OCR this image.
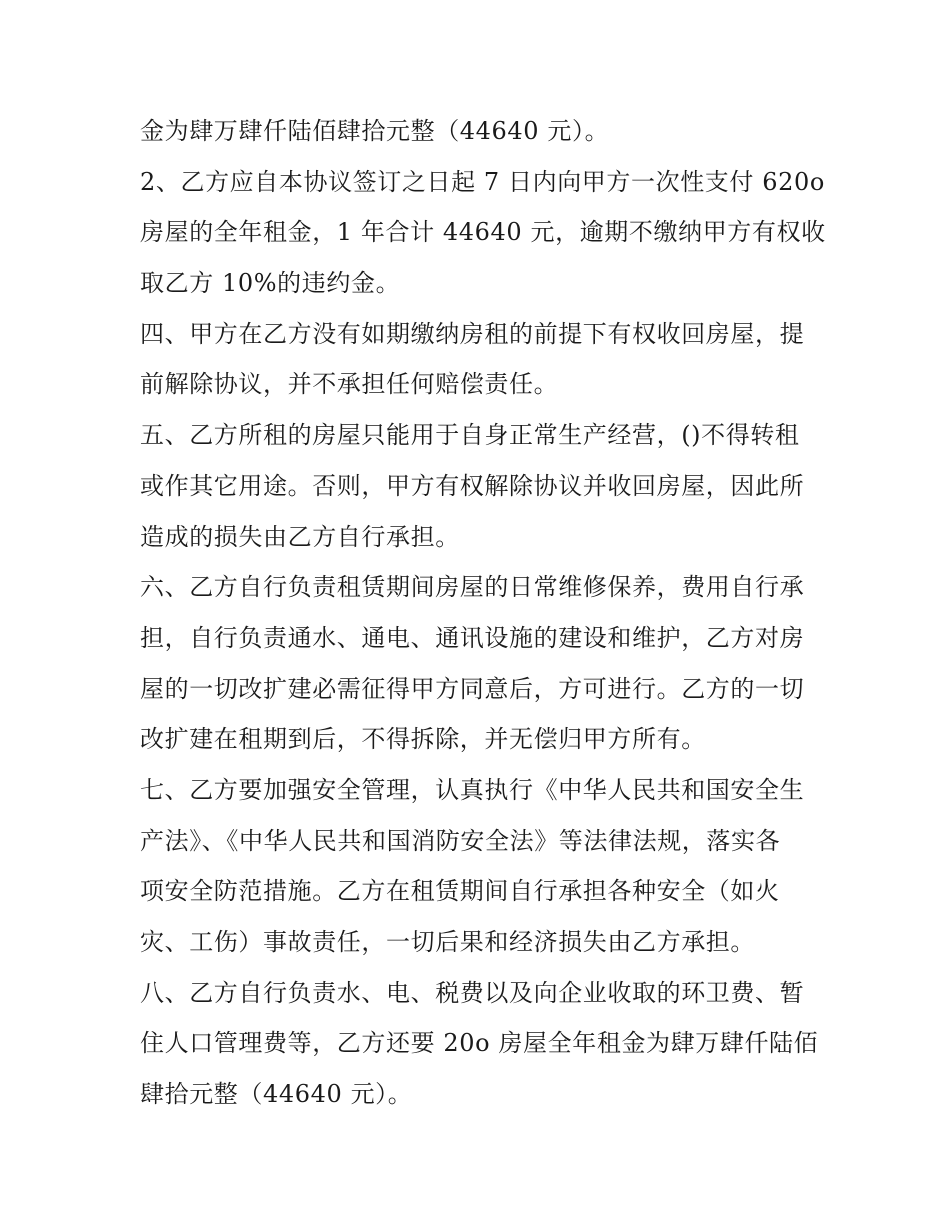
金为肆万肆仟陆佰肆拾元整（44640 元）。
2、乙方应自本协议签订之日起 7 日内向甲方一次性支付 620o
房屋的全年租金，1 年合计 44640 元，逾期不缴纳甲方有权收
取乙方 10%的违约金。
四、甲方在乙方没有如期缴纳房租的前提下有权收回房屋，提
前解除协议，并不承担任何赔偿责任。
五、乙方所租的房屋只能用于自身正常生产经营，()不得转租
或作其它用途。否则，甲方有权解除协议并收回房屋，因此所
造成的损失由乙方自行承担。
六、乙方自行负责租赁期间房屋的日常维修保养，费用自行承
担，自行负责通水、通电、通讯设施的建设和维护，乙方对房
屋的一切改扩建必需征得甲方同意后，方可进行。乙方的一切
改扩建在租期到后，不得拆除，并无偿归甲方所有。
七、乙方要加强安全管理，认真执行《中华人民共和国安全生
产法》、《中华人民共和国消防安全法》等法律法规，落实各
项安全防范措施。乙方在租赁期间自行承担各种安全（如火
灾、工伤）事故责任，一切后果和经济损失由乙方承担。
八、乙方自行负责水、电、税费以及向企业收取的环卫费、暂
住人口管理费等，乙方还要 20o 房屋全年租金为肆万肆仟陆佰
肆拾元整（44640 元）。
